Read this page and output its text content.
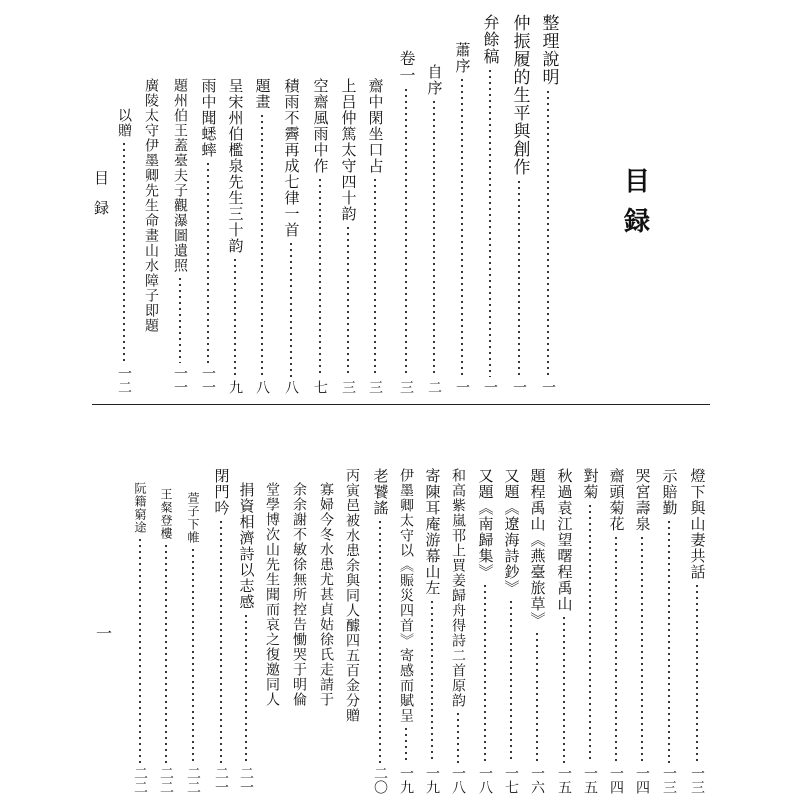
目
録
整理說明
一
仲振履的生平與創作
一
弁餘稿
一
蕭序
一
自序
二
卷一
三
齋中閑坐口占
三
上吕仲篤太守四十韵
三
空齋風雨中作
七
積雨不霽再成七律一首
八
題畫
八
呈宋州伯檻泉先生三十韵
九
雨中聞蟋蟀
一一
題州伯王蓋臺夫子觀瀑圖遺照
一一
廣陵太守伊墨卿先生命畫山水障子即題
以贈
一二
燈下與山妻共話
一三
示賠勤
一三
哭宮壽泉
一四
齋頭菊花
一四
對菊
一五
秋過袁江望曙程禹山
一五
題程禹山《燕臺旅草》
一六
又題《遼海詩鈔》
一七
又題《南歸集》
一八
和高紫嵐邗上買姜歸舟得詩二首原韵
一八
寄陳耳庵游幕山左
一九
伊墨卿太守以《賑災四首》寄感而賦呈
一九
老饕謠
二〇
丙寅邑被水患余與同人醵四五百金分贈
寡婦今冬水患尤甚貞姑徐氏走請于
余余謝不敏徐無所控告慟哭于明倫
堂學博次山先生聞而哀之復邀同人
捐資相濟詩以志感
二一
閉門吟
二一
萱子下帷
二二
王粲登樓
二二
阮籍窮途
二二
目
録
一
